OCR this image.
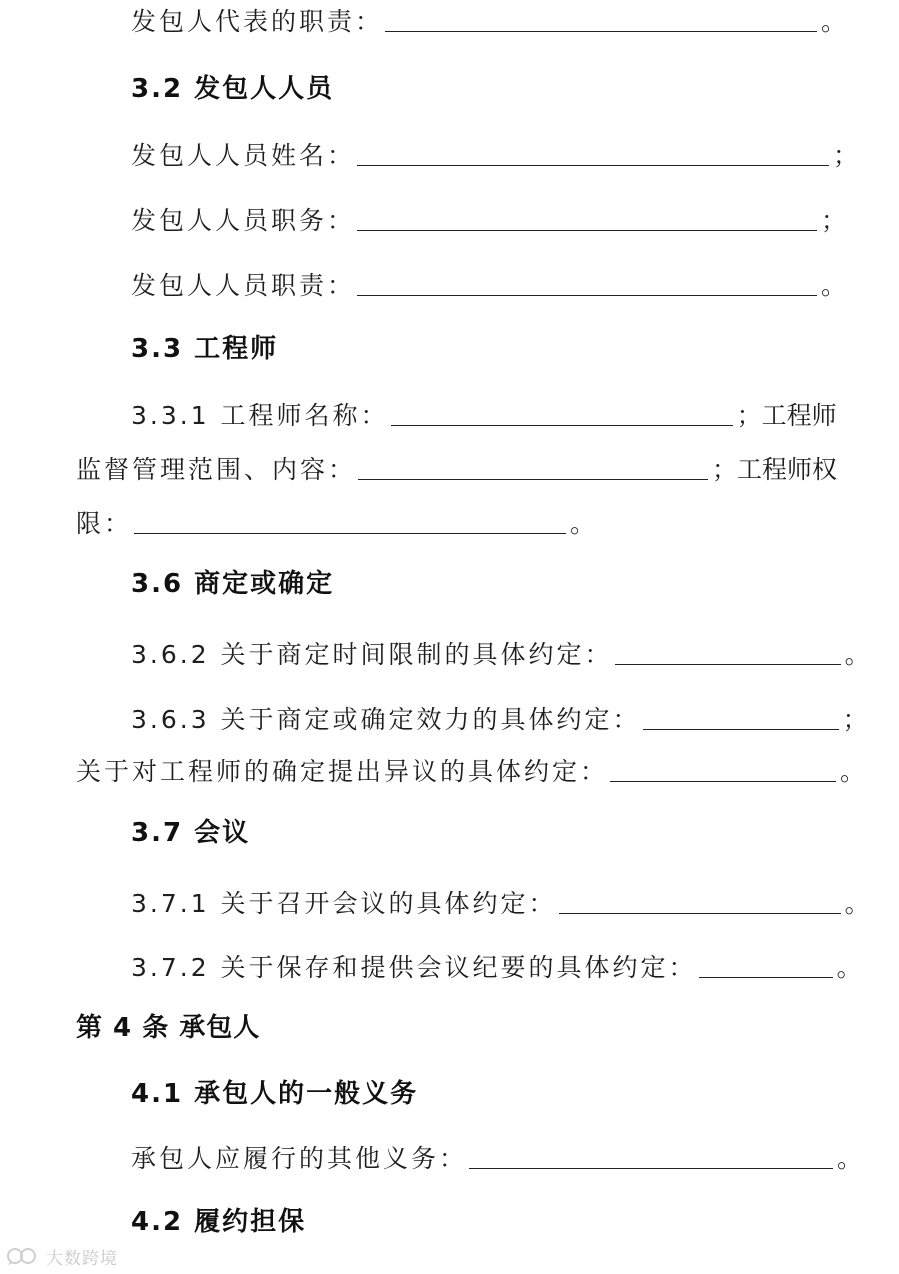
发包人代表的职责：	。
3.2 发包人人员
发包人人员姓名：	；
发包人人员职务：	；
发包人人员职责：	。
3.3 工程师
3.3.1 工程师名称：	；工程师
监督管理范围、内容：	；工程师权
限：	。
3.6 商定或确定
3.6.2 关于商定时间限制的具体约定：	。
3.6.3 关于商定或确定效力的具体约定：	；
关于对工程师的确定提出异议的具体约定：	。
3.7 会议
3.7.1 关于召开会议的具体约定：	。
3.7.2 关于保存和提供会议纪要的具体约定：	。
第 4 条 承包人
4.1 承包人的一般义务
承包人应履行的其他义务：	。
4.2 履约担保
大数跨境
